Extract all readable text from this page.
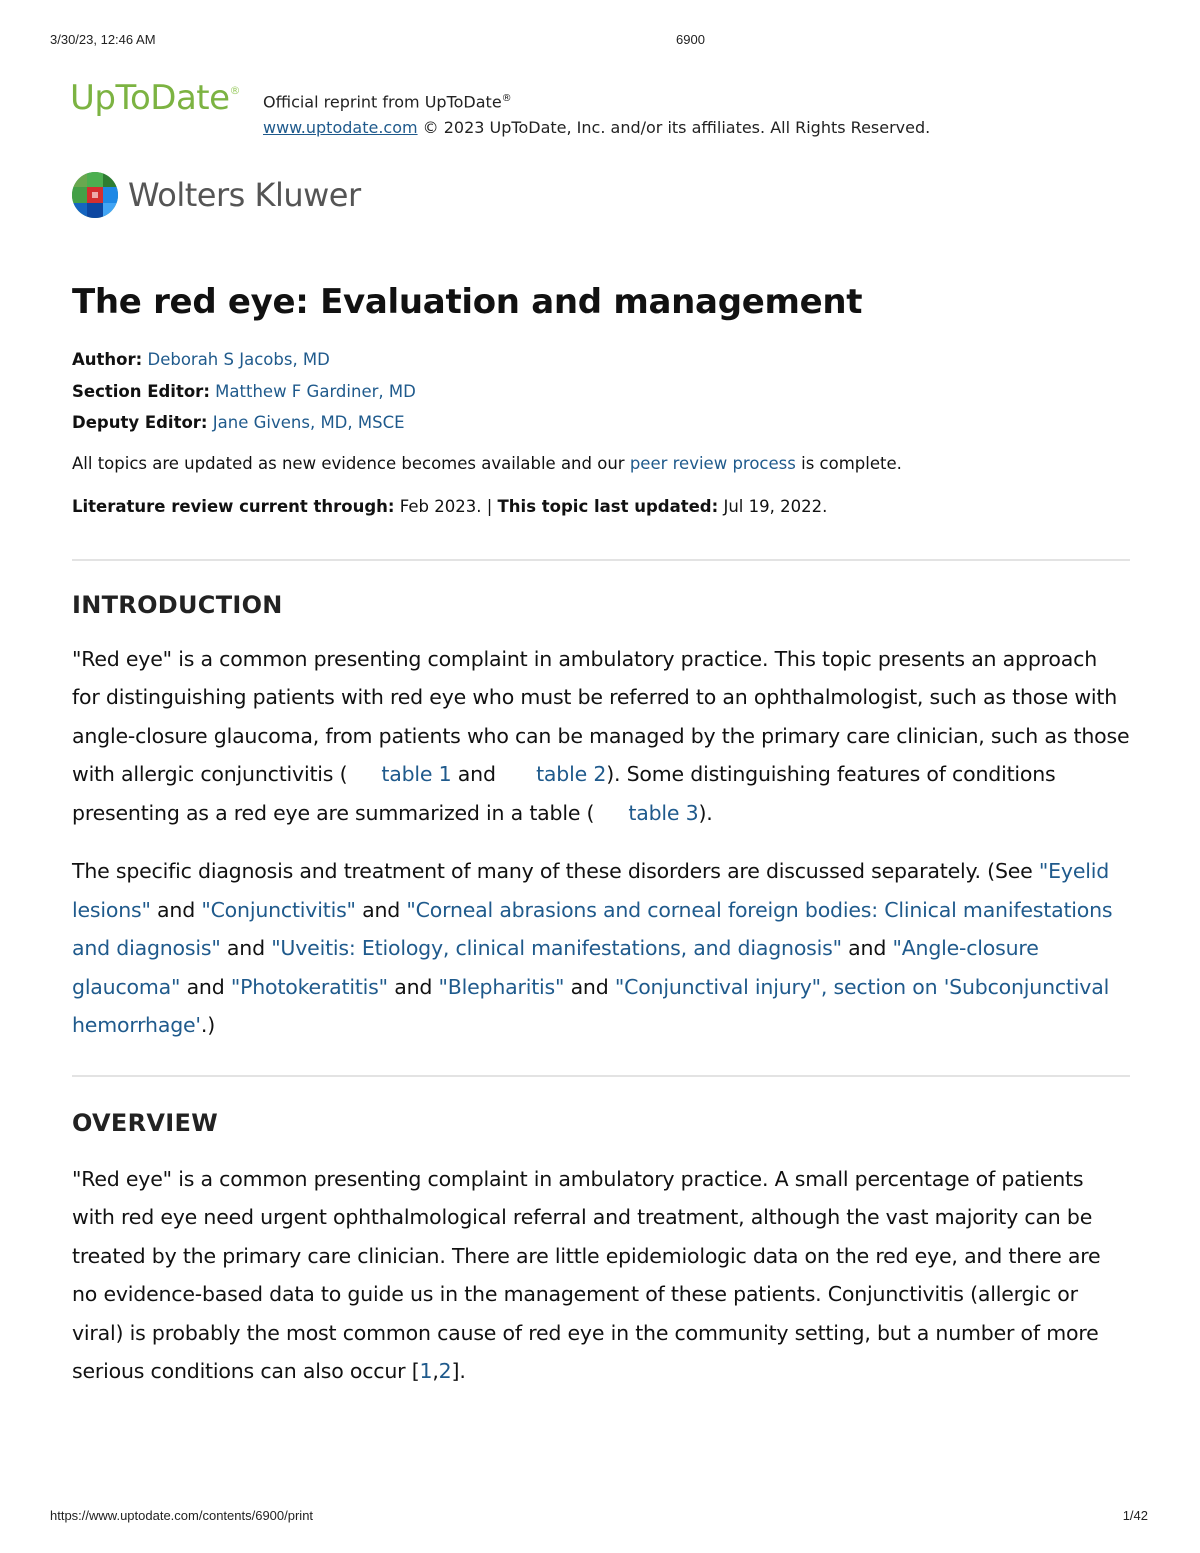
3/30/23, 12:46 AM	6900
UpToDate®
Official reprint from UpToDate®
www.uptodate.com © 2023 UpToDate, Inc. and/or its affiliates. All Rights Reserved.
Wolters Kluwer
The red eye: Evaluation and management
Author: Deborah S Jacobs, MD
Section Editor: Matthew F Gardiner, MD
Deputy Editor: Jane Givens, MD, MSCE
All topics are updated as new evidence becomes available and our peer review process is complete.
Literature review current through: Feb 2023. | This topic last updated: Jul 19, 2022.
INTRODUCTION

"Red eye" is a common presenting complaint in ambulatory practice. This topic presents an approach for distinguishing patients with red eye who must be referred to an ophthalmologist, such as those with angle-closure glaucoma, from patients who can be managed by the primary care clinician, such as those with allergic conjunctivitis ( table 1 and table 2). Some distinguishing features of conditions presenting as a red eye are summarized in a table ( table 3).

The specific diagnosis and treatment of many of these disorders are discussed separately. (See "Eyelid lesions" and "Conjunctivitis" and "Corneal abrasions and corneal foreign bodies: Clinical manifestations and diagnosis" and "Uveitis: Etiology, clinical manifestations, and diagnosis" and "Angle-closure glaucoma" and "Photokeratitis" and "Blepharitis" and "Conjunctival injury", section on 'Subconjunctival hemorrhage'.)

OVERVIEW

"Red eye" is a common presenting complaint in ambulatory practice. A small percentage of patients with red eye need urgent ophthalmological referral and treatment, although the vast majority can be treated by the primary care clinician. There are little epidemiologic data on the red eye, and there are no evidence-based data to guide us in the management of these patients. Conjunctivitis (allergic or viral) is probably the most common cause of red eye in the community setting, but a number of more serious conditions can also occur [1,2].

https://www.uptodate.com/contents/6900/print	1/42
